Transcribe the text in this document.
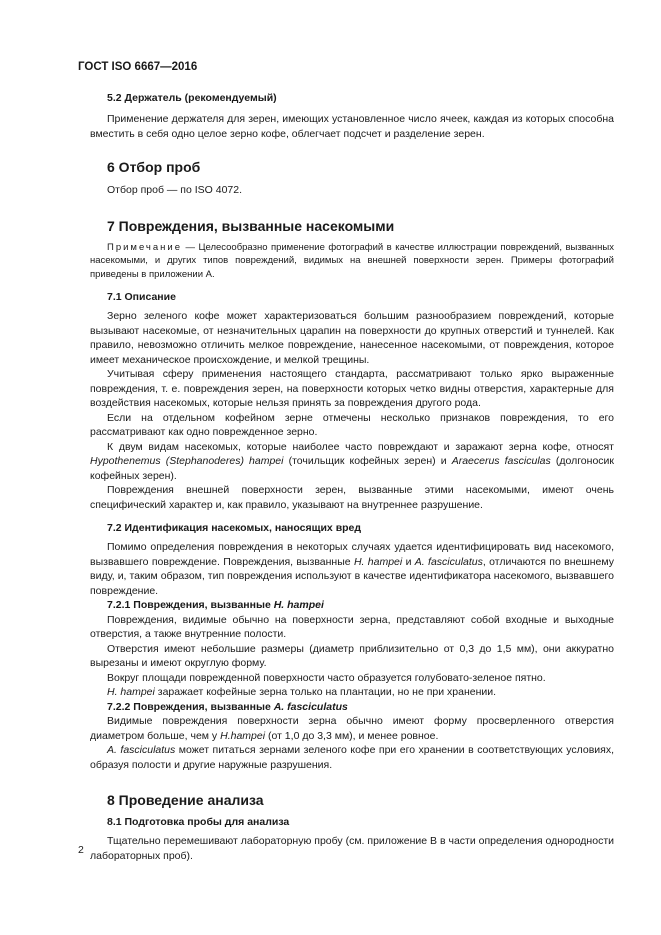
ГОСТ ISO 6667—2016
5.2 Держатель (рекомендуемый)

Применение держателя для зерен, имеющих установленное число ячеек, каждая из которых способна вместить в себя одно целое зерно кофе, облегчает подсчет и разделение зерен.

6 Отбор проб

Отбор проб — по ISO 4072.

7 Повреждения, вызванные насекомыми

Примечание — Целесообразно применение фотографий в качестве иллюстрации повреждений, вызванных насекомыми, и других типов повреждений, видимых на внешней поверхности зерен. Примеры фотографий приведены в приложении А.

7.1 Описание

Зерно зеленого кофе может характеризоваться большим разнообразием повреждений, которые вызывают насекомые, от незначительных царапин на поверхности до крупных отверстий и туннелей. Как правило, невозможно отличить мелкое повреждение, нанесенное насекомыми, от повреждения, которое имеет механическое происхождение, и мелкой трещины.

Учитывая сферу применения настоящего стандарта, рассматривают только ярко выраженные повреждения, т. е. повреждения зерен, на поверхности которых четко видны отверстия, характерные для воздействия насекомых, которые нельзя принять за повреждения другого рода.

Если на отдельном кофейном зерне отмечены несколько признаков повреждения, то его рассматривают как одно поврежденное зерно.

К двум видам насекомых, которые наиболее часто повреждают и заражают зерна кофе, относят Hypothenemus (Stephanoderes) hampei (точильщик кофейных зерен) и Araecerus fasciculas (долгоносик кофейных зерен).

Повреждения внешней поверхности зерен, вызванные этими насекомыми, имеют очень специфический характер и, как правило, указывают на внутреннее разрушение.

7.2 Идентификация насекомых, наносящих вред

Помимо определения повреждения в некоторых случаях удается идентифицировать вид насекомого, вызвавшего повреждение. Повреждения, вызванные H. hampei и A. fasciculatus, отличаются по внешнему виду, и, таким образом, тип повреждения используют в качестве идентификатора насекомого, вызвавшего повреждение.

7.2.1 Повреждения, вызванные H. hampei

Повреждения, видимые обычно на поверхности зерна, представляют собой входные и выходные отверстия, а также внутренние полости.

Отверстия имеют небольшие размеры (диаметр приблизительно от 0,3 до 1,5 мм), они аккуратно вырезаны и имеют округлую форму.

Вокруг площади поврежденной поверхности часто образуется голубовато-зеленое пятно.

H. hampei заражает кофейные зерна только на плантации, но не при хранении.

7.2.2 Повреждения, вызванные A. fasciculatus

Видимые повреждения поверхности зерна обычно имеют форму просверленного отверстия диаметром больше, чем у H.hampei (от 1,0 до 3,3 мм), и менее ровное.

A. fasciculatus может питаться зернами зеленого кофе при его хранении в соответствующих условиях, образуя полости и другие наружные разрушения.

8 Проведение анализа
8.1 Подготовка пробы для анализа

Тщательно перемешивают лабораторную пробу (см. приложение В в части определения однородности лабораторных проб).

2
